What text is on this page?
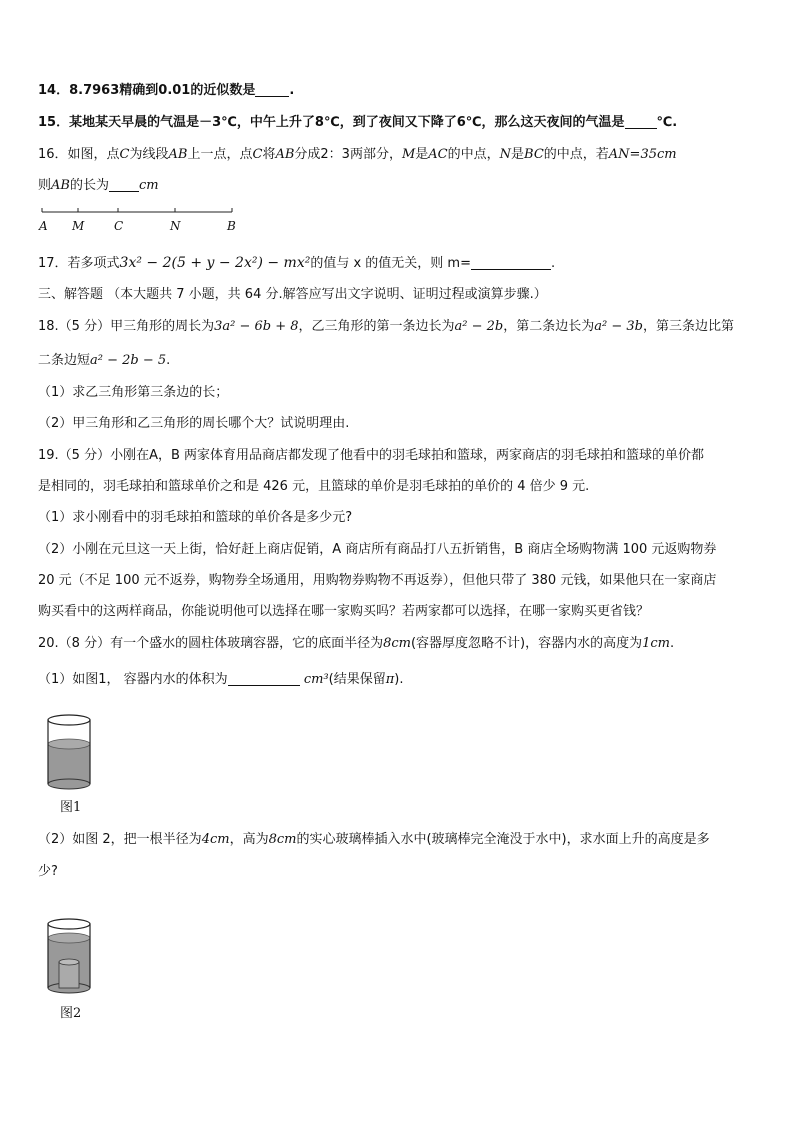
14．8.7963精确到0.01的近似数是	.
15．某地某天早晨的气温是－3℃，中午上升了8℃，到了夜间又下降了6℃，那么这天夜间的气温是 ℃.
16．如图，点C为线段AB上一点，点C将AB分成2：3两部分，M是AC的中点，N是BC的中点，若AN=35cm
则AB的长为 cm
A M C	N	B
17．若多项式3x² − 2(5 + y − 2x²) − mx²的值与 x 的值无关，则 m=	.
三、解答题 （本大题共 7 小题，共 64 分.解答应写出文字说明、证明过程或演算步骤.）
18.（5 分）甲三角形的周长为3a² − 6b + 8，乙三角形的第一条边长为a² − 2b，第二条边长为a² − 3b，第三条边比第
二条边短a² − 2b − 5.
（1）求乙三角形第三条边的长；
（2）甲三角形和乙三角形的周长哪个大？试说明理由.
19.（5 分）小刚在A，B 两家体育用品商店都发现了他看中的羽毛球拍和篮球，两家商店的羽毛球拍和篮球的单价都
是相同的，羽毛球拍和篮球单价之和是 426 元，且篮球的单价是羽毛球拍的单价的 4 倍少 9 元.
（1）求小刚看中的羽毛球拍和篮球的单价各是多少元?
（2）小刚在元旦这一天上街，恰好赶上商店促销，A 商店所有商品打八五折销售，B 商店全场购物满 100 元返购物券
20 元（不足 100 元不返券，购物券全场通用，用购物券购物不再返券），但他只带了 380 元钱，如果他只在一家商店
购买看中的这两样商品，你能说明他可以选择在哪一家购买吗？若两家都可以选择，在哪一家购买更省钱？
20.（8 分）有一个盛水的圆柱体玻璃容器，它的底面半径为8cm(容器厚度忽略不计)，容器内水的高度为1cm.
（1）如图1， 容器内水的体积为	cm³(结果保留π).
图1
（2）如图 2，把一根半径为4cm，高为8cm的实心玻璃棒插入水中(玻璃棒完全淹没于水中)，求水面上升的高度是多
少?
图2
